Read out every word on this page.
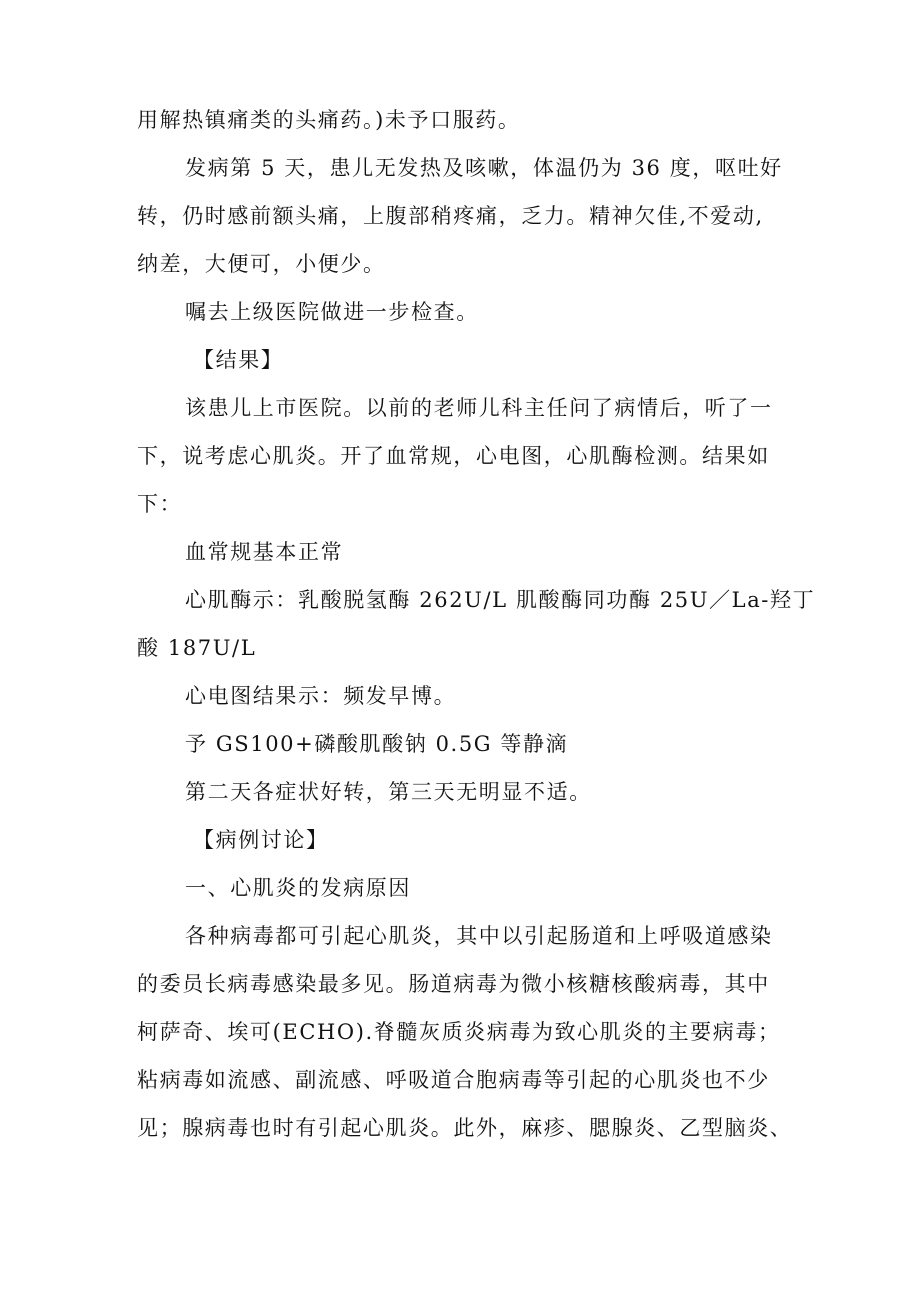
用解热镇痛类的头痛药。)未予口服药。

发病第 5 天，患儿无发热及咳嗽，体温仍为 36 度，呕吐好
转，仍时感前额头痛，上腹部稍疼痛，乏力。精神欠佳,不爱动,
纳差，大便可，小便少。

嘱去上级医院做进一步检查。

【结果】

该患儿上市医院。以前的老师儿科主任问了病情后，听了一
下，说考虑心肌炎。开了血常规，心电图，心肌酶检测。结果如
下：

血常规基本正常

心肌酶示：乳酸脱氢酶 262U/L 肌酸酶同功酶 25U／La-羟丁
酸 187U/L

心电图结果示：频发早博。

予 GS100+磷酸肌酸钠 0.5G 等静滴

第二天各症状好转，第三天无明显不适。

【病例讨论】

一、心肌炎的发病原因

各种病毒都可引起心肌炎，其中以引起肠道和上呼吸道感染
的委员长病毒感染最多见。肠道病毒为微小核糖核酸病毒，其中
柯萨奇、埃可(ECHO).脊髓灰质炎病毒为致心肌炎的主要病毒；
粘病毒如流感、副流感、呼吸道合胞病毒等引起的心肌炎也不少
见；腺病毒也时有引起心肌炎。此外，麻疹、腮腺炎、乙型脑炎、
